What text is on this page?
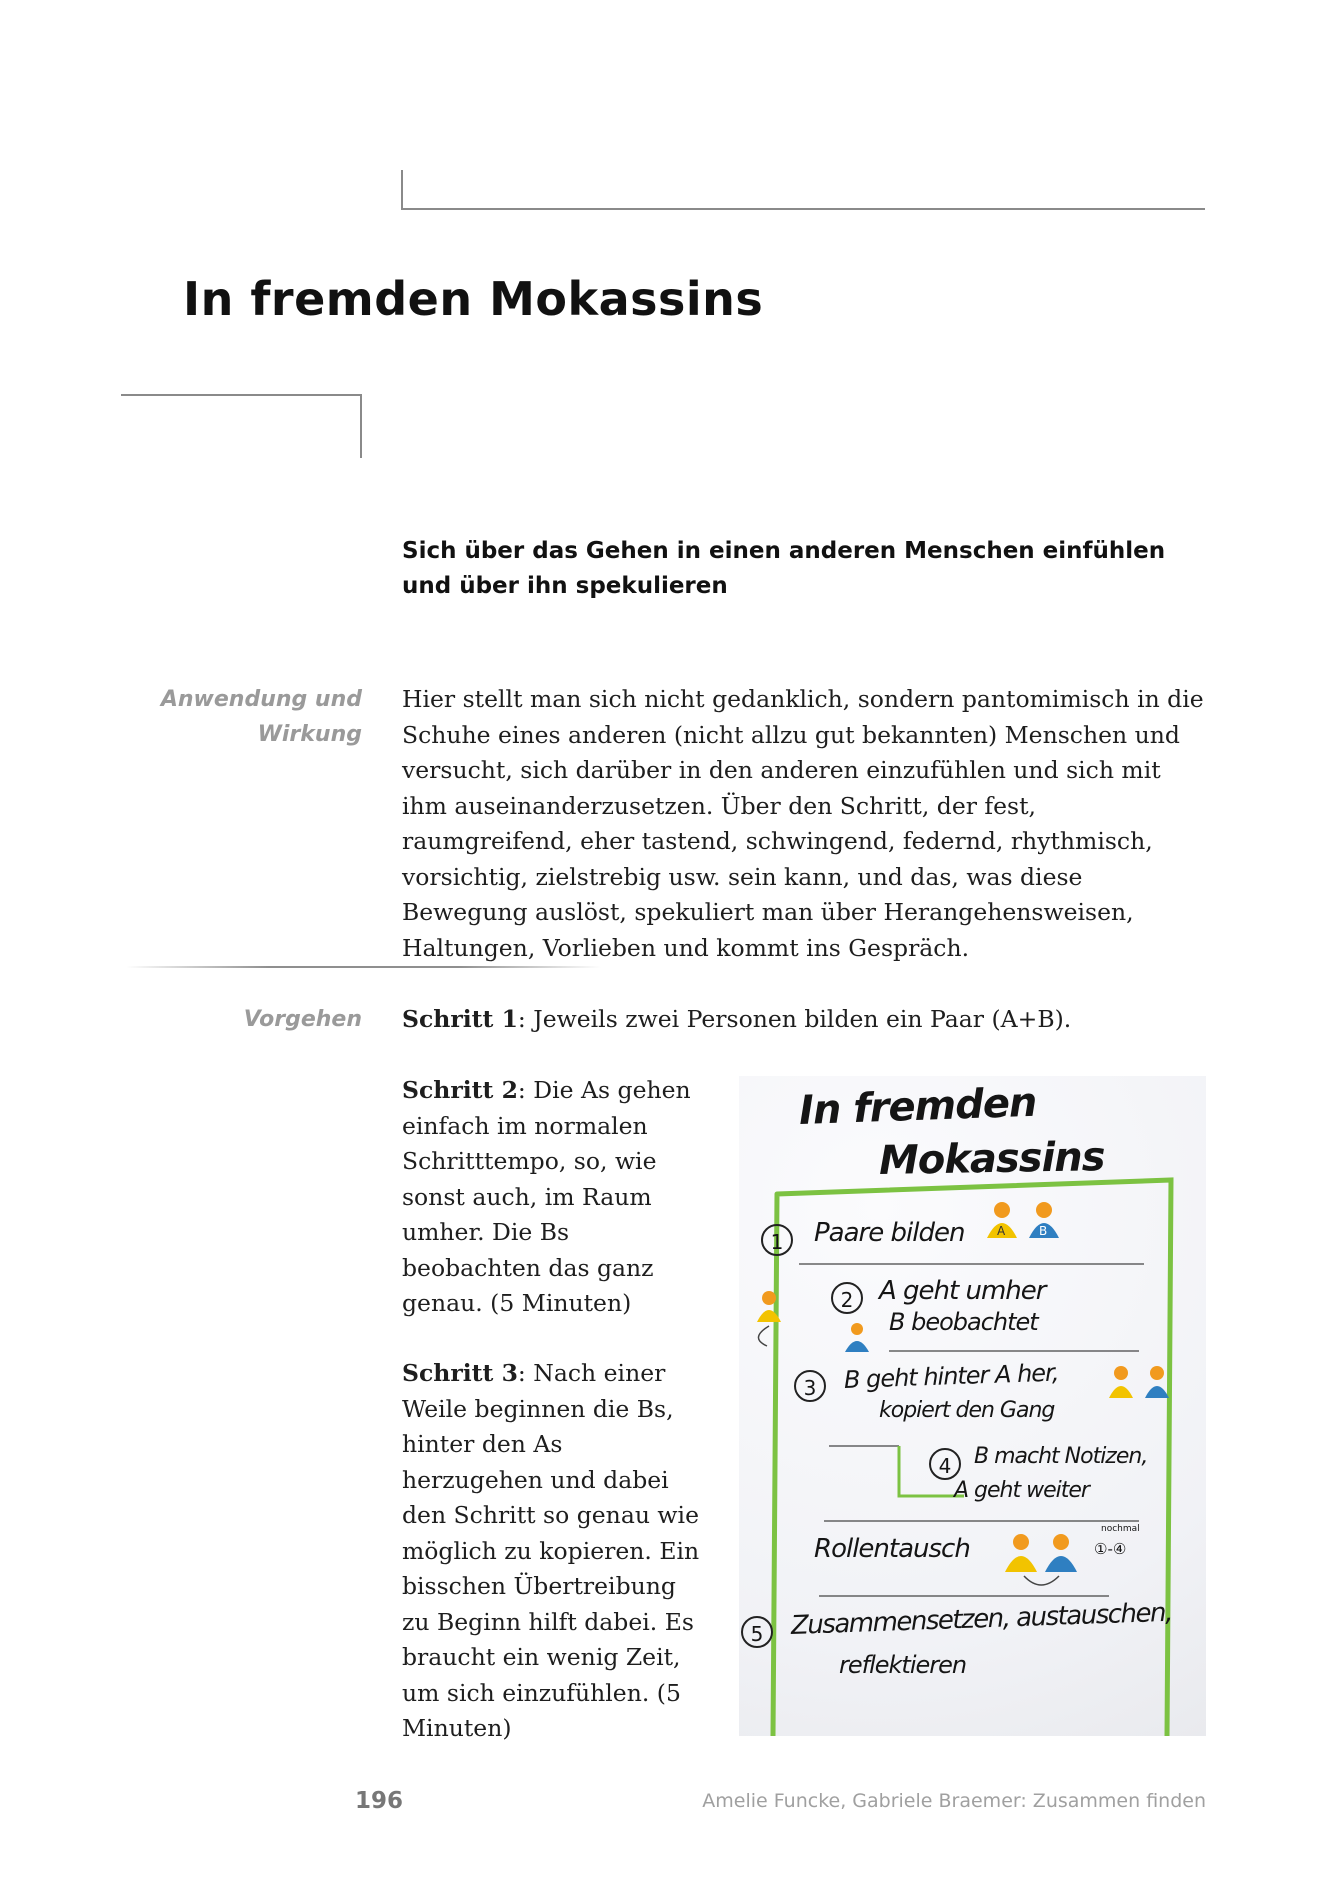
In fremden Mokassins
Sich über das Gehen in einen anderen Menschen einfühlen und über ihn spekulieren
Anwendung und Wirkung
Hier stellt man sich nicht gedanklich, sondern pantomimisch in die Schuhe eines anderen (nicht allzu gut bekannten) Menschen und versucht, sich darüber in den anderen einzufühlen und sich mit ihm auseinanderzusetzen. Über den Schritt, der fest, raumgreifend, eher tastend, schwingend, federnd, rhythmisch, vorsichtig, zielstrebig usw. sein kann, und das, was diese Bewegung auslöst, spekuliert man über Herangehensweisen, Haltungen, Vorlieben und kommt ins Gespräch.
Vorgehen Schritt 1: Jeweils zwei Personen bilden ein Paar (A+B).
Schritt 2: Die As gehen einfach im normalen Schritttempo, so, wie sonst auch, im Raum umher. Die Bs beobachten das ganz genau. (5 Minuten)
Schritt 3: Nach einer Weile beginnen die Bs, hinter den As herzugehen und dabei den Schritt so genau wie möglich zu kopieren. Ein bisschen Übertreibung zu Beginn hilft dabei. Es braucht ein wenig Zeit, um sich einzufühlen. (5 Minuten)
In fremden
Mokassins
1	Paare bilden	A	B
2 A geht umher
B beobachtet
3	B geht hinter A her,
kopiert den Gang
4	B macht Notizen,
A geht weiter
Rollentausch
nochmal
①-④
5	Zusammensetzen, austauschen,
reflektieren
196	Amelie Funcke, Gabriele Braemer: Zusammen finden
